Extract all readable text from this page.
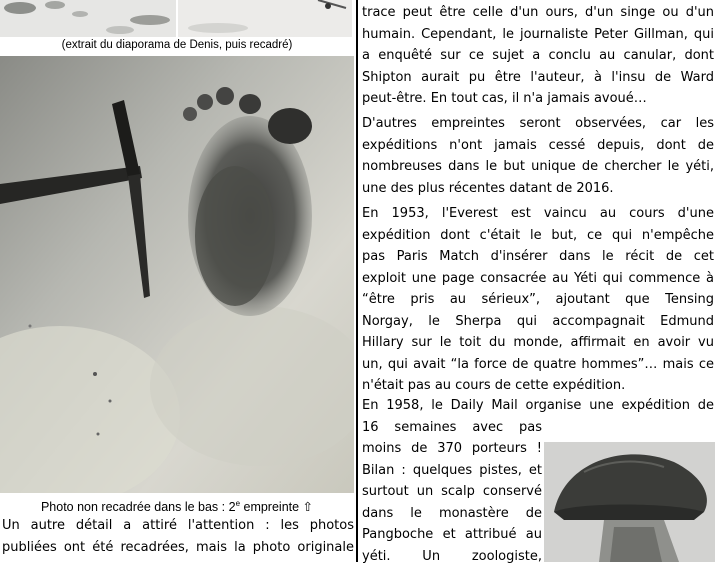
(extrait du diaporama de Denis, puis recadré)
Photo non recadrée dans le bas : 2e empreinte ⇧
Un autre détail a attiré l'attention : les photos
publiées ont été recadrées, mais la photo originale
trace peut être celle d'un ours, d'un singe ou d'un
humain. Cependant, le journaliste Peter Gillman, qui
a enquêté sur ce sujet a conclu au canular, dont
Shipton aurait pu être l'auteur, à l'insu de Ward
peut-être. En tout cas, il n'a jamais avoué…
D'autres empreintes seront observées, car les
expéditions n'ont jamais cessé depuis, dont de
nombreuses dans le but unique de chercher le yéti,
une des plus récentes datant de 2016.
En 1953, l'Everest est vaincu au cours d'une
expédition dont c'était le but, ce qui n'empêche
pas Paris Match d'insérer dans le récit de cet
exploit une page consacrée au Yéti qui commence à
“être pris au sérieux”, ajoutant que Tensing
Norgay, le Sherpa qui accompagnait Edmund
Hillary sur le toit du monde, affirmait en avoir vu
un, qui avait “la force de quatre hommes”… mais ce
n'était pas au cours de cette expédition.
En 1958, le Daily Mail organise une expédition de
16 semaines avec pas
moins de 370 porteurs !
Bilan : quelques pistes, et
surtout un scalp conservé
dans le monastère de
Pangboche et attribué au
yéti. Un zoologiste,
